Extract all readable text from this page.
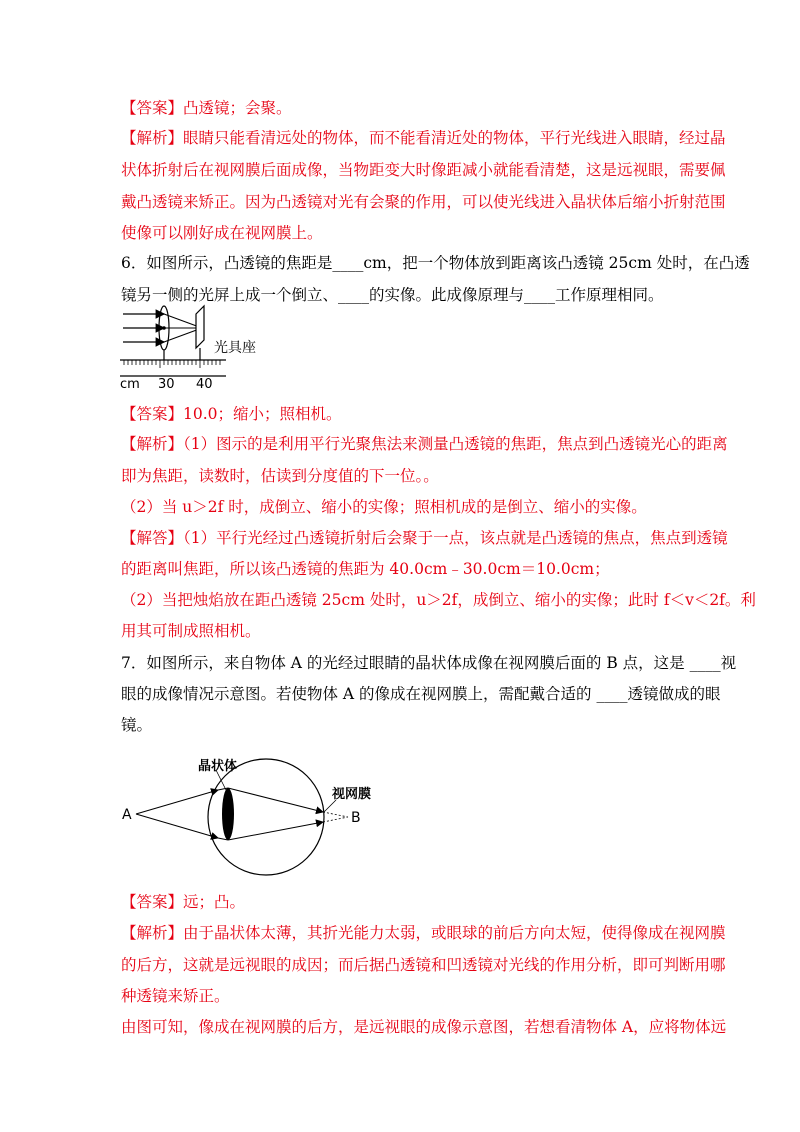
【答案】凸透镜；会聚。
【解析】眼睛只能看清远处的物体，而不能看清近处的物体，平行光线进入眼睛，经过晶
状体折射后在视网膜后面成像，当物距变大时像距减小就能看清楚，这是远视眼，需要佩
戴凸透镜来矫正。因为凸透镜对光有会聚的作用，可以使光线进入晶状体后缩小折射范围
使像可以刚好成在视网膜上。
6．如图所示，凸透镜的焦距是____cm，把一个物体放到距离该凸透镜 25cm 处时，在凸透
镜另一侧的光屏上成一个倒立、____的实像。此成像原理与____工作原理相同。
光具座
cm 30 40
【答案】10.0；缩小；照相机。
【解析】（1）图示的是利用平行光聚焦法来测量凸透镜的焦距，焦点到凸透镜光心的距离
即为焦距，读数时，估读到分度值的下一位。。
（2）当 u＞2f 时，成倒立、缩小的实像；照相机成的是倒立、缩小的实像。
【解答】（1）平行光经过凸透镜折射后会聚于一点，该点就是凸透镜的焦点，焦点到透镜
的距离叫焦距，所以该凸透镜的焦距为 40.0cm﹣30.0cm＝10.0cm；
（2）当把烛焰放在距凸透镜 25cm 处时，u＞2f，成倒立、缩小的实像；此时 f＜v＜2f。利
用其可制成照相机。
7．如图所示，来自物体 A 的光经过眼睛的晶状体成像在视网膜后面的 B 点，这是 ____视
眼的成像情况示意图。若使物体 A 的像成在视网膜上，需配戴合适的 ____透镜做成的眼
镜。
晶状体
视网膜
A	B
【答案】远；凸。
【解析】由于晶状体太薄，其折光能力太弱，或眼球的前后方向太短，使得像成在视网膜
的后方，这就是远视眼的成因；而后据凸透镜和凹透镜对光线的作用分析，即可判断用哪
种透镜来矫正。
由图可知，像成在视网膜的后方，是远视眼的成像示意图，若想看清物体 A，应将物体远
